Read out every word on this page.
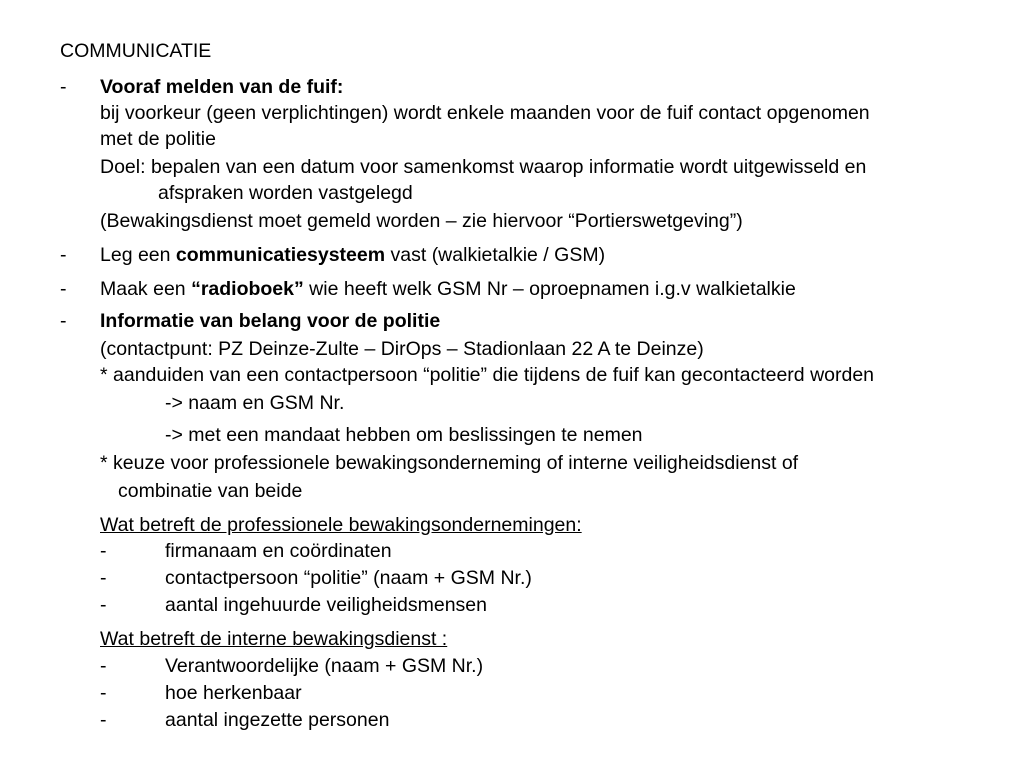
COMMUNICATIE
- Vooraf melden van de fuif:
bij voorkeur (geen verplichtingen) wordt enkele maanden voor de fuif contact opgenomen
met de politie
Doel: bepalen van een datum voor samenkomst waarop informatie wordt uitgewisseld en
afspraken worden vastgelegd
(Bewakingsdienst moet gemeld worden – zie hiervoor “Portierswetgeving”)
- Leg een communicatiesysteem vast (walkietalkie / GSM)
- Maak een “radioboek” wie heeft welk GSM Nr – oproepnamen i.g.v walkietalkie
- Informatie van belang voor de politie
(contactpunt: PZ Deinze-Zulte – DirOps – Stadionlaan 22 A te Deinze)
* aanduiden van een contactpersoon “politie” die tijdens de fuif kan gecontacteerd worden
-> naam en GSM Nr.
-> met een mandaat hebben om beslissingen te nemen
* keuze voor professionele bewakingsonderneming of interne veiligheidsdienst of
combinatie van beide
Wat betreft de professionele bewakingsondernemingen:
-	firmanaam en coördinaten
-	contactpersoon “politie” (naam + GSM Nr.)
-	aantal ingehuurde veiligheidsmensen
Wat betreft de interne bewakingsdienst :
-	Verantwoordelijke (naam + GSM Nr.)
-	hoe herkenbaar
-	aantal ingezette personen
